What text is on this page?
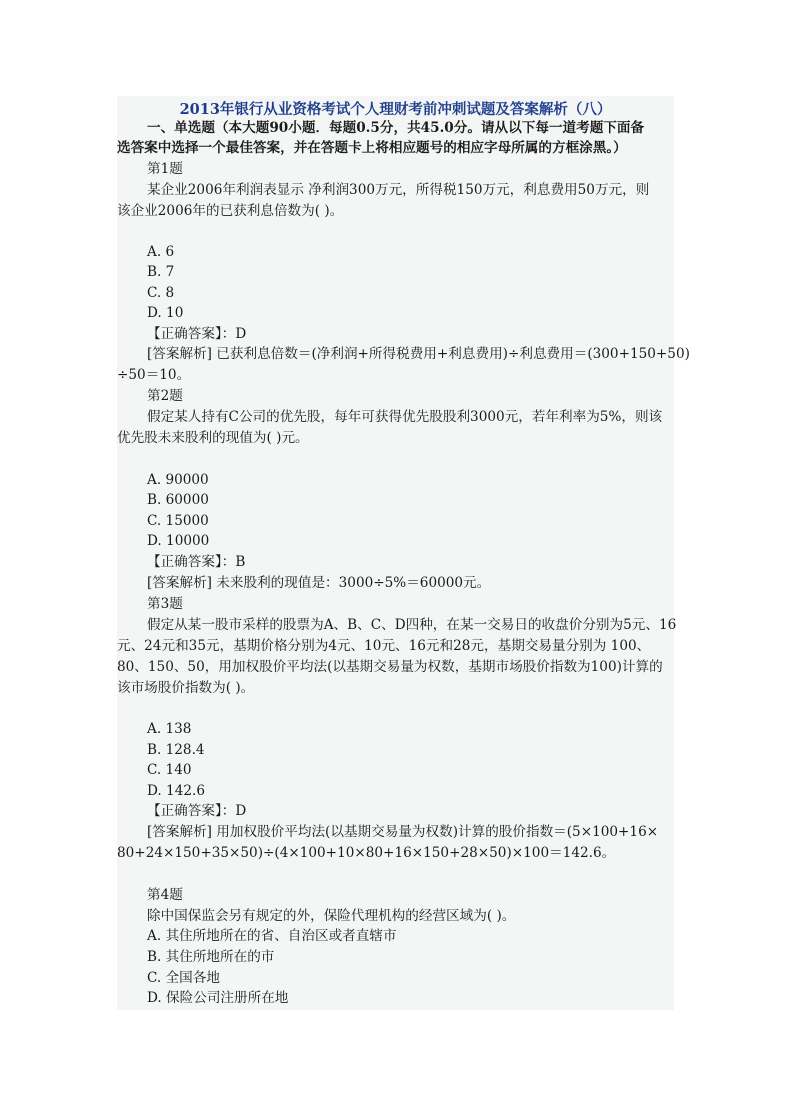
2013年银行从业资格考试个人理财考前冲刺试题及答案解析（八）
一、单选题（本大题90小题．每题0.5分，共45.0分。请从以下每一道考题下面备
选答案中选择一个最佳答案，并在答题卡上将相应题号的相应字母所属的方框涂黑。）
第1题
某企业2006年利润表显示 净利润300万元，所得税150万元，利息费用50万元，则
该企业2006年的已获利息倍数为( )。
A. 6
B. 7
C. 8
D. 10
【正确答案】：D
[答案解析] 已获利息倍数＝(净利润+所得税费用+利息费用)÷利息费用＝(300+150+50)
÷50＝10。
第2题
假定某人持有C公司的优先股，每年可获得优先股股利3000元，若年利率为5%，则该
优先股未来股利的现值为( )元。
A. 90000
B. 60000
C. 15000
D. 10000
【正确答案】：B
[答案解析] 未来股利的现值是：3000÷5%＝60000元。
第3题
假定从某一股市采样的股票为A、B、C、D四种，在某一交易日的收盘价分别为5元、16
元、24元和35元，基期价格分别为4元、10元、16元和28元，基期交易量分别为 100、
80、150、50，用加权股价平均法(以基期交易量为权数，基期市场股价指数为100)计算的
该市场股价指数为( )。
A. 138
B. 128.4
C. 140
D. 142.6
【正确答案】：D
[答案解析] 用加权股价平均法(以基期交易量为权数)计算的股价指数＝(5×100+16×
80+24×150+35×50)÷(4×100+10×80+16×150+28×50)×100＝142.6。
第4题
除中国保监会另有规定的外，保险代理机构的经营区域为( )。
A. 其住所地所在的省、自治区或者直辖市
B. 其住所地所在的市
C. 全国各地
D. 保险公司注册所在地
